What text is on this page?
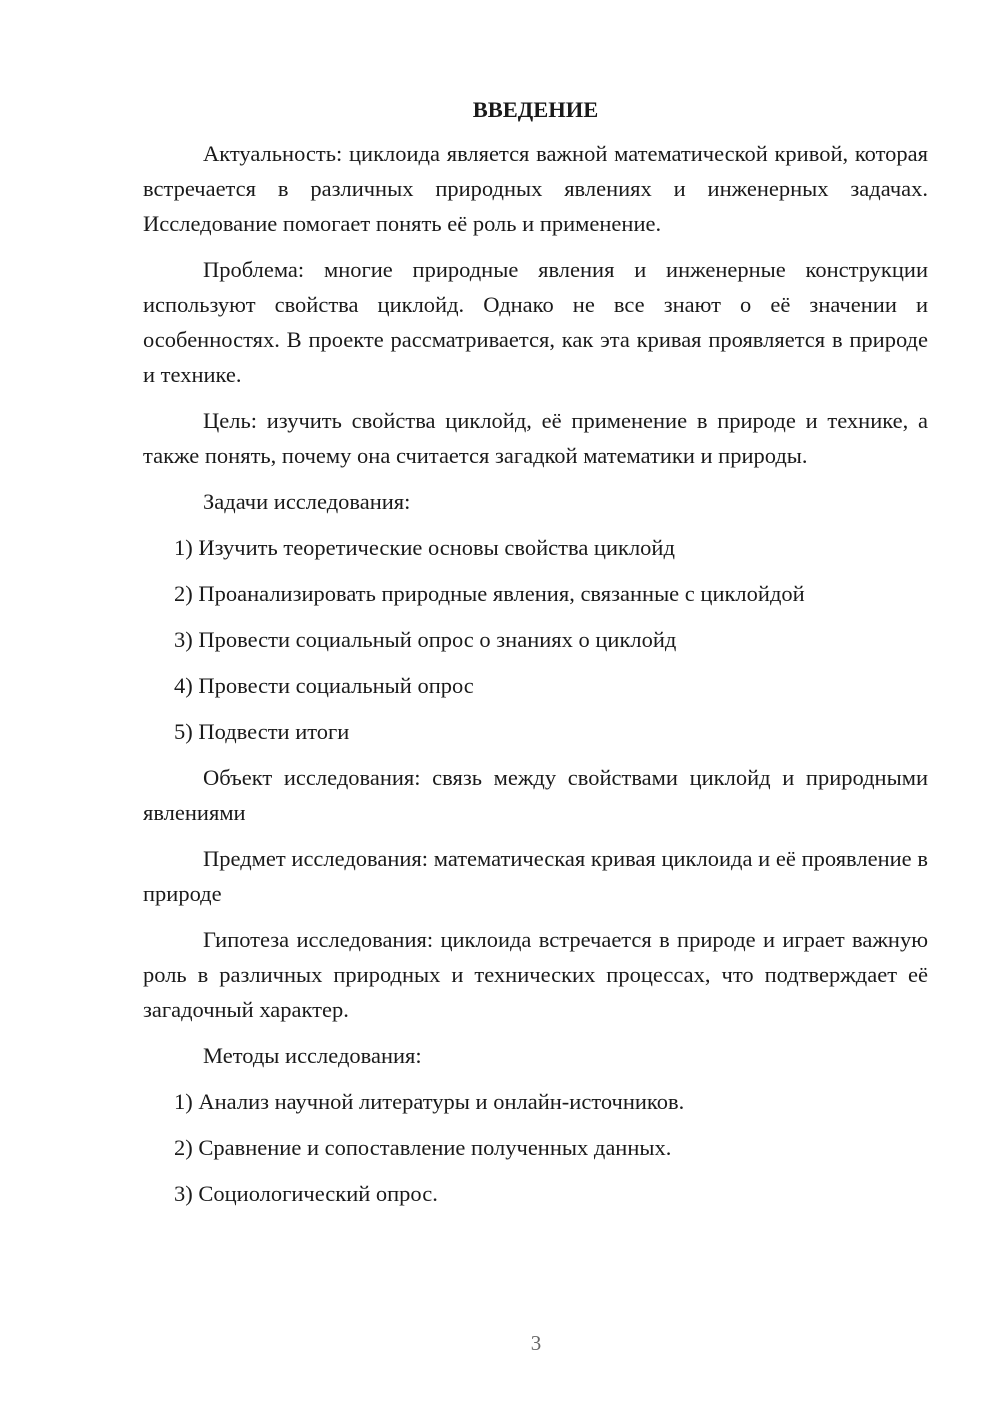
ВВЕДЕНИЕ

Актуальность: циклоида является важной математической кривой, которая встречается в различных природных явлениях и инженерных задачах. Исследование помогает понять её роль и применение.

Проблема: многие природные явления и инженерные конструкции используют свойства циклойд. Однако не все знают о её значении и особенностях. В проекте рассматривается, как эта кривая проявляется в природе и технике.

Цель: изучить свойства циклойд, её применение в природе и технике, а также понять, почему она считается загадкой математики и природы.

Задачи исследования:

1) Изучить теоретические основы свойства циклойд

2) Проанализировать природные явления, связанные с циклойдой

3) Провести социальный опрос о знаниях о циклойд

4) Провести социальный опрос

5) Подвести итоги

Объект исследования: связь между свойствами циклойд и природными явлениями

Предмет исследования: математическая кривая циклоида и её проявление в природе

Гипотеза исследования: циклоида встречается в природе и играет важную роль в различных природных и технических процессах, что подтверждает её загадочный характер.

Методы исследования:

1) Анализ научной литературы и онлайн-источников.

2) Сравнение и сопоставление полученных данных.

3) Социологический опрос.

3
